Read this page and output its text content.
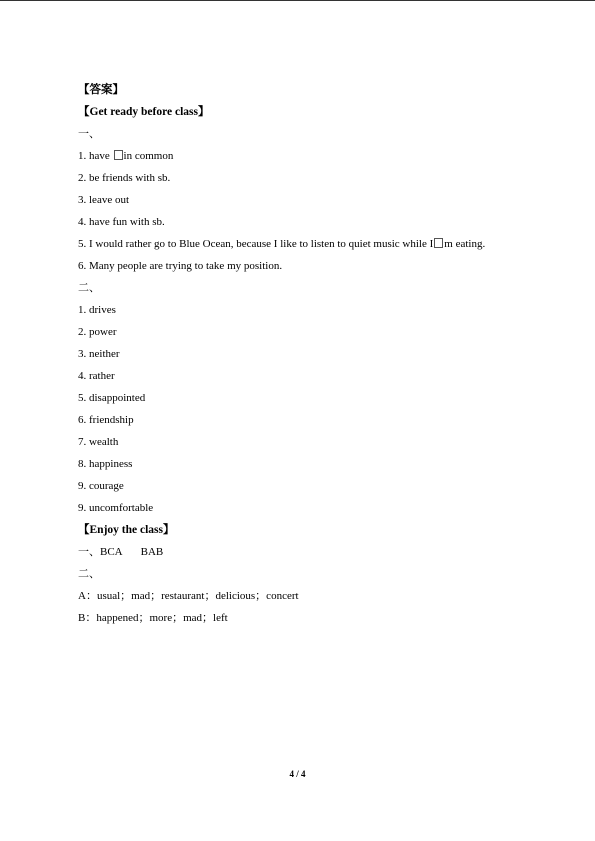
【答案】
【Get ready before class】
一、
1. have in common
2. be friends with sb.
3. leave out
4. have fun with sb.
5. I would rather go to Blue Ocean, because I like to listen to quiet music while I m eating.
6. Many people are trying to take my position.
二、
1. drives
2. power
3. neither
4. rather
5. disappointed
6. friendship
7. wealth
8. happiness
9. courage
9. uncomfortable
【Enjoy the class】
一、BCA BAB
二、
A：usual；mad；restaurant；delicious；concert
B：happened；more；mad；left
4 / 4
